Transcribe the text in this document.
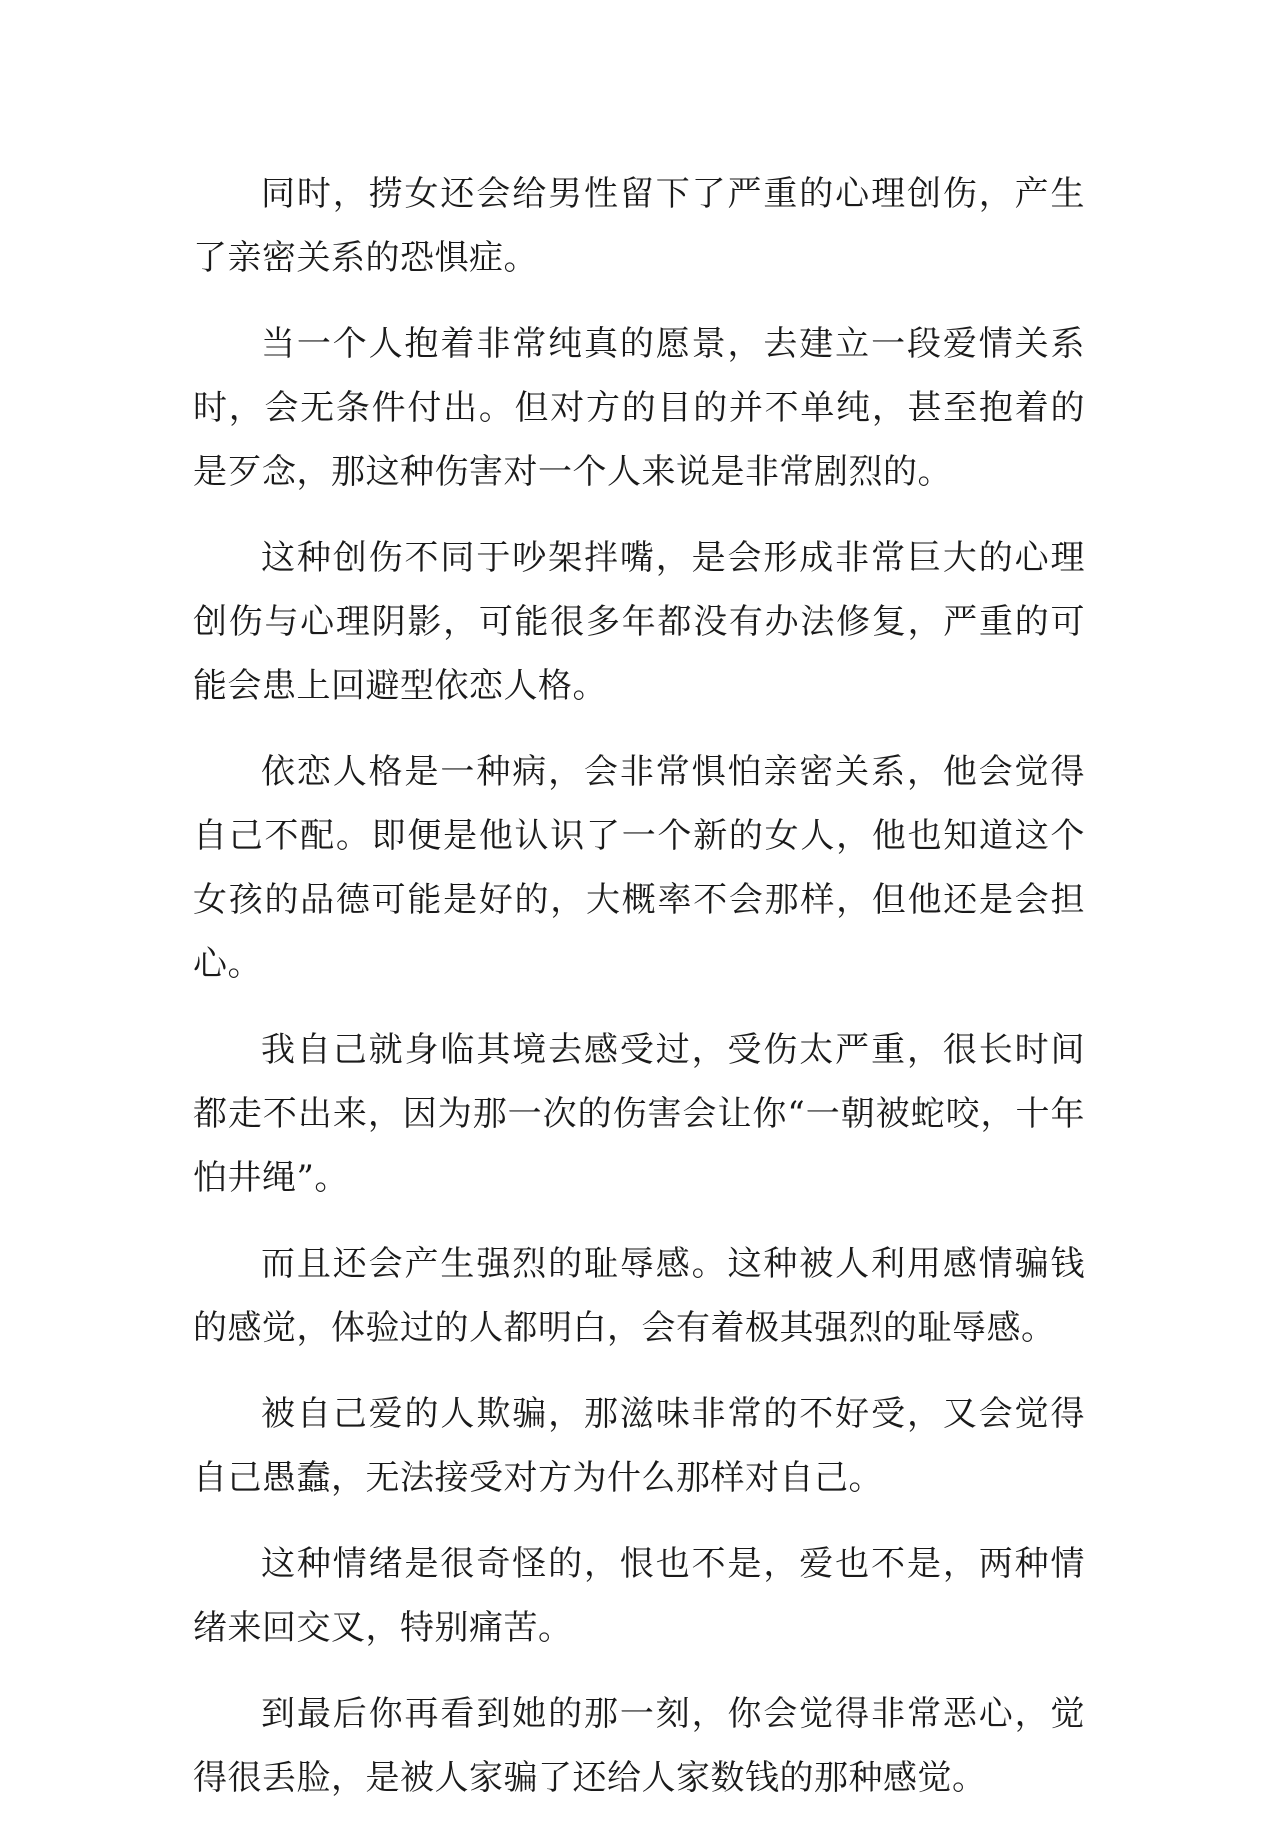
同时，捞女还会给男性留下了严重的心理创伤，产生了亲密关系的恐惧症。

当一个人抱着非常纯真的愿景，去建立一段爱情关系时，会无条件付出。但对方的目的并不单纯，甚至抱着的是歹念，那这种伤害对一个人来说是非常剧烈的。

这种创伤不同于吵架拌嘴，是会形成非常巨大的心理创伤与心理阴影，可能很多年都没有办法修复，严重的可能会患上回避型依恋人格。

依恋人格是一种病，会非常惧怕亲密关系，他会觉得自己不配。即便是他认识了一个新的女人，他也知道这个女孩的品德可能是好的，大概率不会那样，但他还是会担心。

我自己就身临其境去感受过，受伤太严重，很长时间都走不出来，因为那一次的伤害会让你“一朝被蛇咬，十年怕井绳”。

而且还会产生强烈的耻辱感。这种被人利用感情骗钱的感觉，体验过的人都明白，会有着极其强烈的耻辱感。

被自己爱的人欺骗，那滋味非常的不好受，又会觉得自己愚蠢，无法接受对方为什么那样对自己。

这种情绪是很奇怪的，恨也不是，爱也不是，两种情绪来回交叉，特别痛苦。

到最后你再看到她的那一刻，你会觉得非常恶心，觉得很丢脸，是被人家骗了还给人家数钱的那种感觉。
